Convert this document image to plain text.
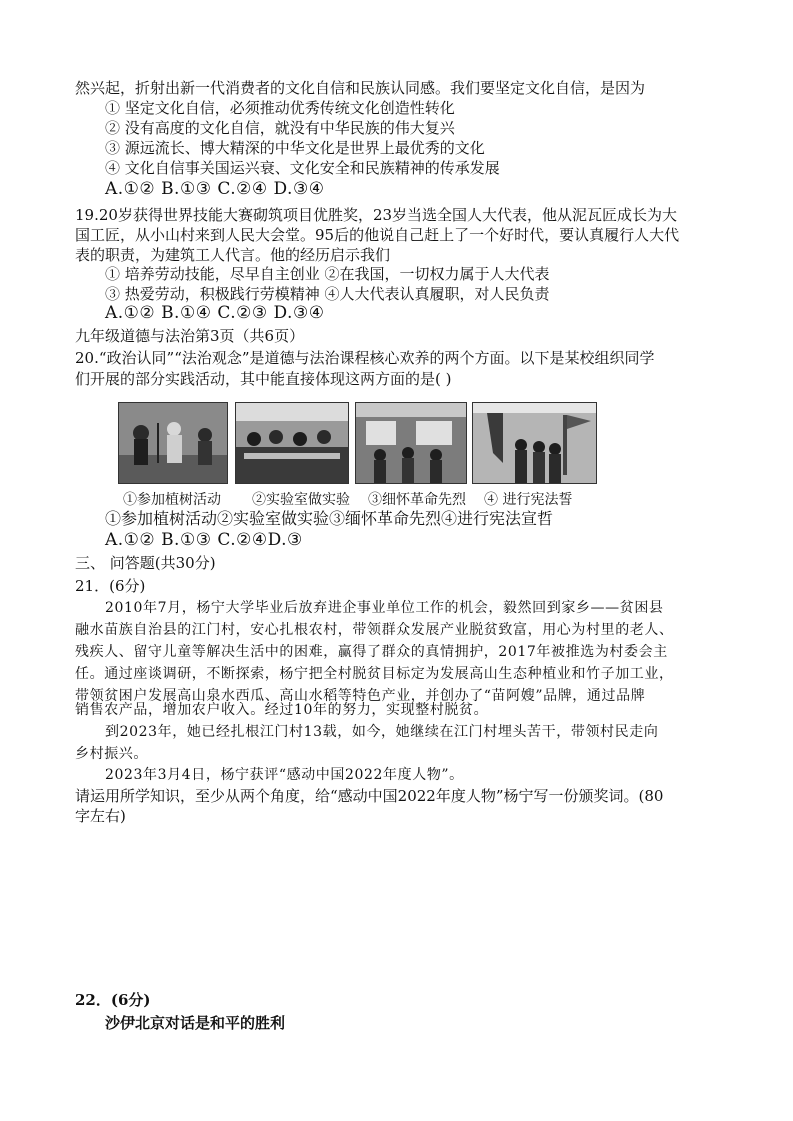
然兴起，折射出新一代消费者的文化自信和民族认同感。我们要坚定文化自信，是因为
① 坚定文化自信，必须推动优秀传统文化创造性转化
② 没有高度的文化自信，就没有中华民族的伟大复兴
③ 源远流长、博大精深的中华文化是世界上最优秀的文化
④ 文化自信事关国运兴衰、文化安全和民族精神的传承发展
A.①② B.①③ C.②④ D.③④
19.20岁获得世界技能大赛砌筑项目优胜奖，23岁当选全国人大代表，他从泥瓦匠成长为大
国工匠，从小山村来到人民大会堂。95后的他说自己赶上了一个好时代，要认真履行人大代
表的职责，为建筑工人代言。他的经历启示我们
① 培养劳动技能，尽早自主创业 ②在我国，一切权力属于人大代表
③ 热爱劳动，积极践行劳模精神 ④人大代表认真履职，对人民负责
A.①② B.①④ C.②③ D.③④
九年级道德与法治第3页（共6页）
20.“政治认同”“法治观念”是道德与法治课程核心欢养的两个方面。以下是某校组织同学
们开展的部分实践活动，其中能直接体现这两方面的是( )
①参加植树活动 ②实验室做实验 ③细怀革命先烈 ④ 进行宪法誓
①参加植树活动②实验室做实验③缅怀革命先烈④进行宪法宣哲
A.①② B.①③ C.②④D.③
三、 问答题(共30分)
21．(6分)
2010年7月，杨宁大学毕业后放弃进企事业单位工作的机会，毅然回到家乡——贫困县
融水苗族自治县的江门村，安心扎根农村，带领群众发展产业脱贫致富，用心为村里的老人、
残疾人、留守儿童等解决生活中的困难，赢得了群众的真情拥护，2017年被推选为村委会主
任。通过座谈调研，不断探索，杨宁把全村脱贫目标定为发展高山生态种植业和竹子加工业，
带领贫困户发展高山泉水西瓜、高山水稻等特色产业，并创办了“苗阿嫂”品牌，通过品牌
销售农产品，增加农户收入。经过10年的努力，实现整村脱贫。
到2023年，她已经扎根江门村13载，如今，她继续在江门村埋头苦干，带领村民走向
乡村振兴。
2023年3月4日，杨宁获评“感动中国2022年度人物”。
请运用所学知识，至少从两个角度，给“感动中国2022年度人物”杨宁写一份颁奖词。(80
字左右)
22．(6分)
沙伊北京对话是和平的胜利
